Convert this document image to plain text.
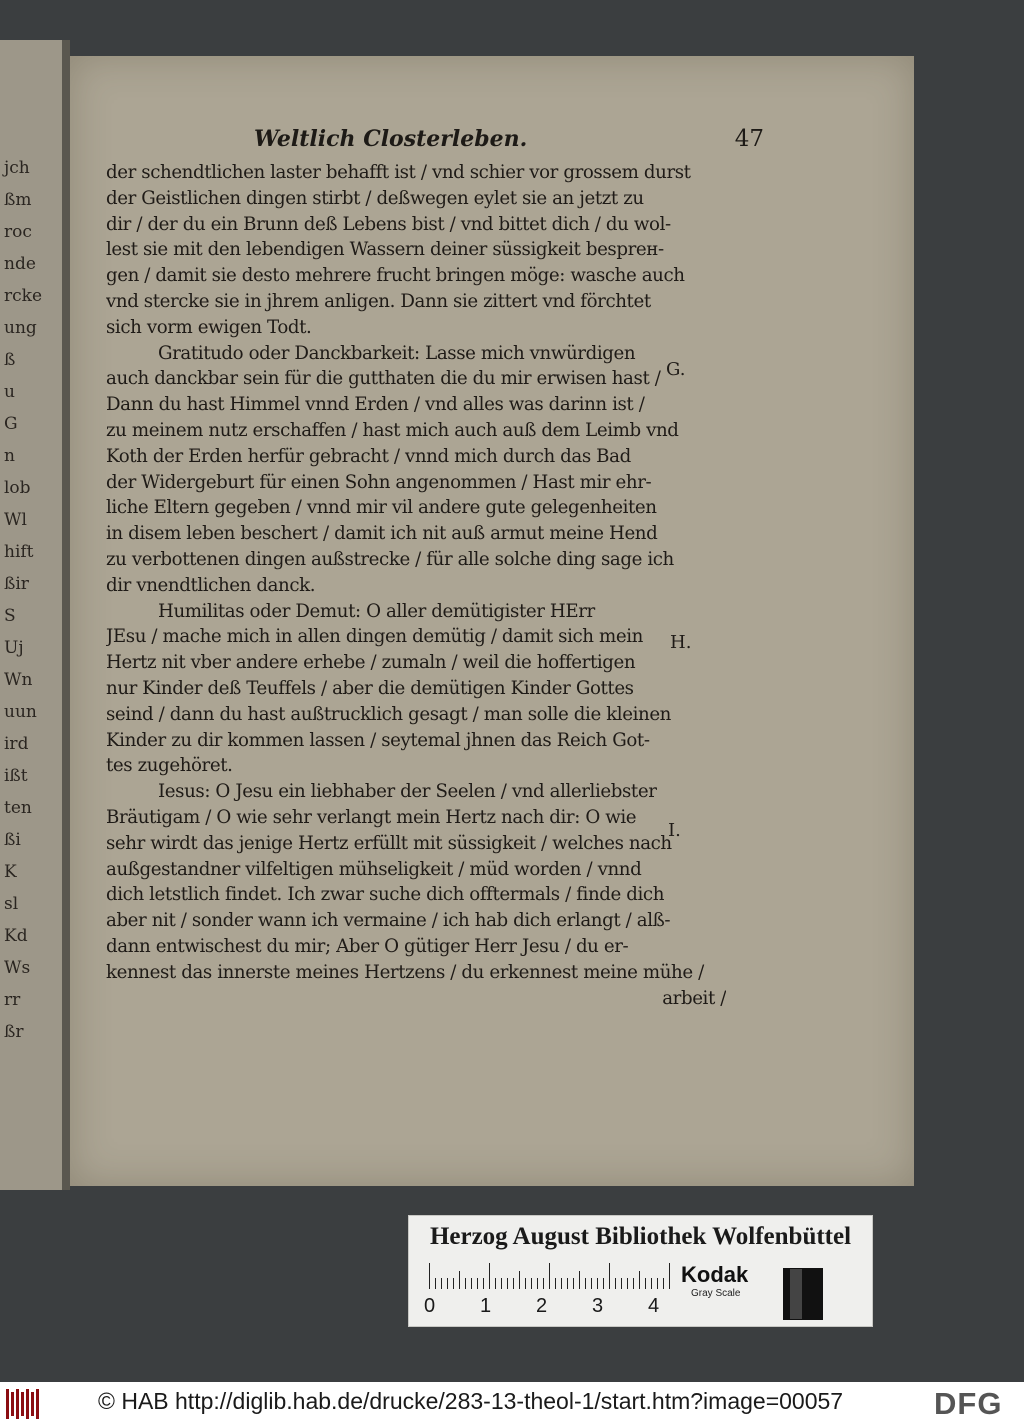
jch
ßm
roc
nde
rcke
ung
ß
u
G
n
lob
Wl
hift
ßir
S
Uj
Wn
uun
ird
ißt
ten
ßi
K
sl
Kd
Ws
rr
ßr
Weltlich Closterleben.	47
der schendtlichen laster behafft ist / vnd schier vor grossem durst
der Geistlichen dingen stirbt / deßwegen eylet sie an jetzt zu
dir / der du ein Brunn deß Lebens bist / vnd bittet dich / du wol-
lest sie mit den lebendigen Wassern deiner süssigkeit besprен-
gen / damit sie desto mehrere frucht bringen möge: wasche auch
vnd stercke sie in jhrem anligen. Dann sie zittert vnd förchtet
sich vorm ewigen Todt.
Gratitudo oder Danckbarkeit: Lasse mich vnwürdigen
auch danckbar sein für die gutthaten die du mir erwisen hast /
Dann du hast Himmel vnnd Erden / vnd alles was darinn ist /
zu meinem nutz erschaffen / hast mich auch auß dem Leimb vnd
Koth der Erden herfür gebracht / vnnd mich durch das Bad
der Widergeburt für einen Sohn angenommen / Hast mir ehr-
liche Eltern gegeben / vnnd mir vil andere gute gelegenheiten
in disem leben beschert / damit ich nit auß armut meine Hend
zu verbottenen dingen außstrecke / für alle solche ding sage ich
dir vnendtlichen danck.
Humilitas oder Demut: O aller demütigister HErr
JEsu / mache mich in allen dingen demütig / damit sich mein
Hertz nit vber andere erhebe / zumaln / weil die hoffertigen
nur Kinder deß Teuffels / aber die demütigen Kinder Gottes
seind / dann du hast außtrucklich gesagt / man solle die kleinen
Kinder zu dir kommen lassen / seytemal jhnen das Reich Got-
tes zugehöret.
Iesus: O Jesu ein liebhaber der Seelen / vnd allerliebster
Bräutigam / O wie sehr verlangt mein Hertz nach dir: O wie
sehr wirdt das jenige Hertz erfüllt mit süssigkeit / welches nach
außgestandner vilfeltigen mühseligkeit / müd worden / vnnd
dich letstlich findet. Ich zwar suche dich offtermals / finde dich
aber nit / sonder wann ich vermaine / ich hab dich erlangt / alß-
dann entwischest du mir; Aber O gütiger Herr Jesu / du er-
kennest das innerste meines Hertzens / du erkennest meine mühe /
arbeit /
G.
H.
I.
Herzog August Bibliothek Wolfenbüttel
0 1 2 3 4
Kodak
Gray Scale
© HAB http://diglib.hab.de/drucke/283-13-theol-1/start.htm?image=00057	DFG
